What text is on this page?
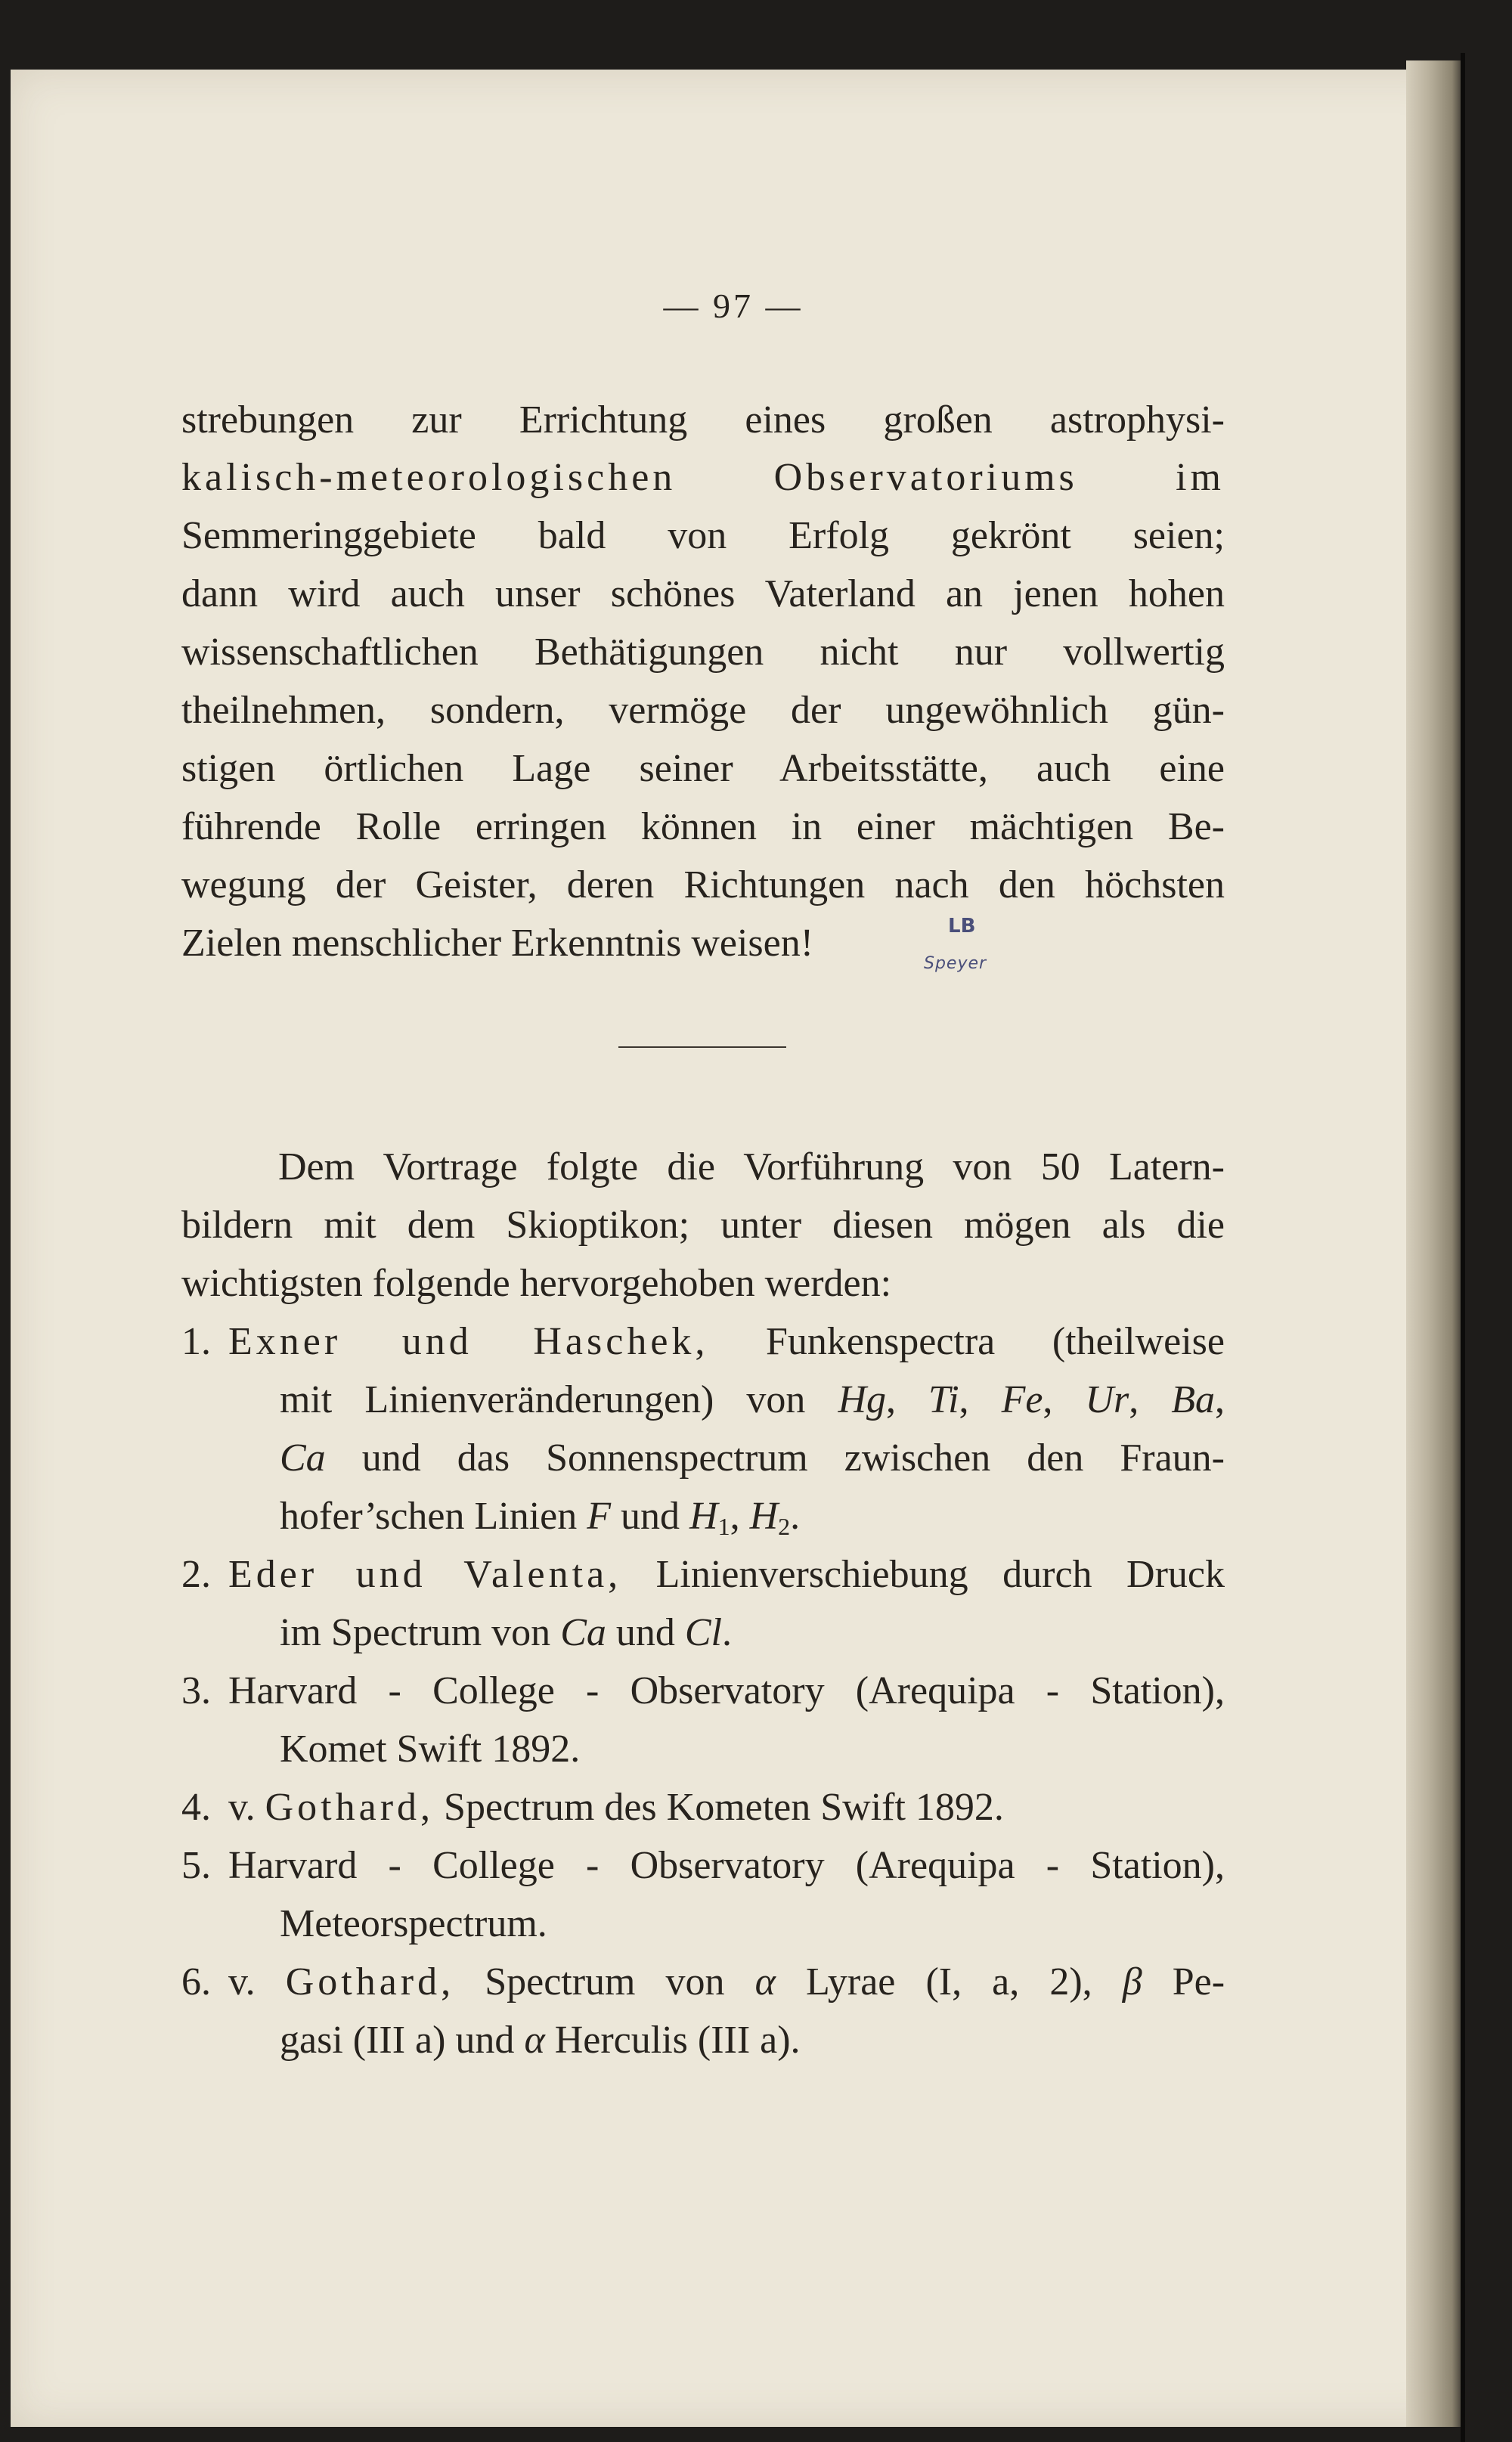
— 97 —
strebungen zur Errichtung eines großen astrophysi-
kalisch-meteorologischen Observatoriums im
Semmeringgebiete bald von Erfolg gekrönt seien;
dann wird auch unser schönes Vaterland an jenen hohen
wissenschaftlichen Bethätigungen nicht nur vollwertig
theilnehmen, sondern, vermöge der ungewöhnlich gün-
stigen örtlichen Lage seiner Arbeitsstätte, auch eine
führende Rolle erringen können in einer mächtigen Be-
wegung der Geister, deren Richtungen nach den höchsten
Zielen menschlicher Erkenntnis weisen!	LB
Speyer
Dem Vortrage folgte die Vorführung von 50 Latern-
bildern mit dem Skioptikon; unter diesen mögen als die
wichtigsten folgende hervorgehoben werden:
1. Exner und Haschek, Funkenspectra (theilweise
mit Linienveränderungen) von Hg, Ti, Fe, Ur, Ba,
Ca und das Sonnenspectrum zwischen den Fraun-
hofer’schen Linien F und $H_1$, $H_2$.
2. Eder und Valenta, Linienverschiebung durch Druck
im Spectrum von Ca und Cl.
3. Harvard - College - Observatory (Arequipa - Station),
Komet Swift 1892.
4. v. Gothard, Spectrum des Kometen Swift 1892.
5. Harvard - College - Observatory (Arequipa - Station),
Meteorspectrum.
6. v. Gothard, Spectrum von α Lyrae (I, a, 2), β Pe-
gasi (III a) und α Herculis (III a).
